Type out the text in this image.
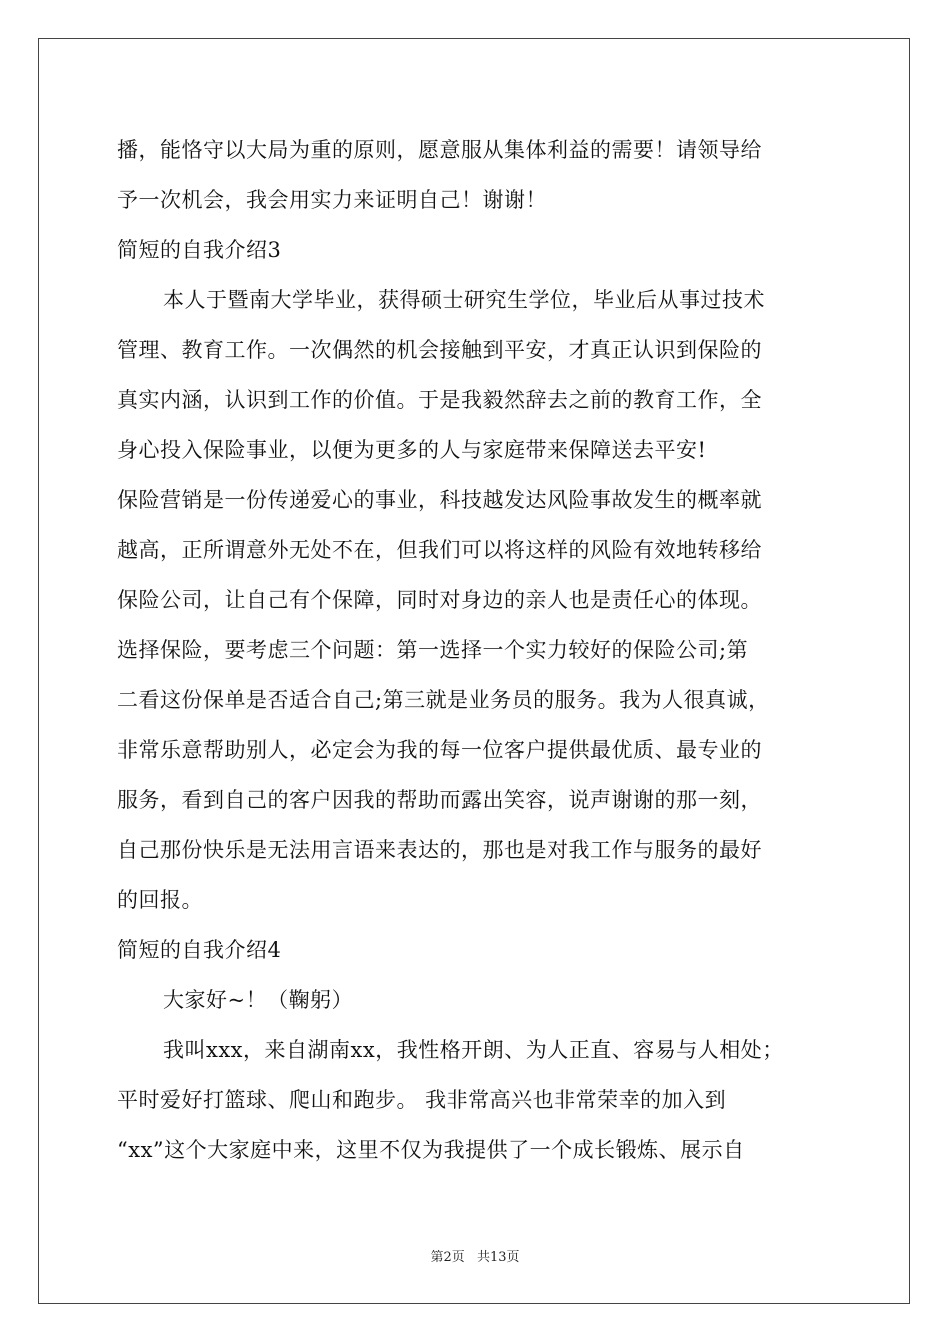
播，能恪守以大局为重的原则，愿意服从集体利益的需要！请领导给
予一次机会，我会用实力来证明自己！谢谢！
简短的自我介绍3
本人于暨南大学毕业，获得硕士研究生学位，毕业后从事过技术
管理、教育工作。一次偶然的机会接触到平安，才真正认识到保险的
真实内涵，认识到工作的价值。于是我毅然辞去之前的教育工作，全
身心投入保险事业，以便为更多的人与家庭带来保障送去平安!
保险营销是一份传递爱心的事业，科技越发达风险事故发生的概率就
越高，正所谓意外无处不在，但我们可以将这样的风险有效地转移给
保险公司，让自己有个保障，同时对身边的亲人也是责任心的体现。
选择保险，要考虑三个问题：第一选择一个实力较好的保险公司;第
二看这份保单是否适合自己;第三就是业务员的服务。我为人很真诚，
非常乐意帮助别人，必定会为我的每一位客户提供最优质、最专业的
服务，看到自己的客户因我的帮助而露出笑容，说声谢谢的那一刻，
自己那份快乐是无法用言语来表达的，那也是对我工作与服务的最好
的回报。
简短的自我介绍4
大家好~！（鞠躬）
我叫xxx，来自湖南xx，我性格开朗、为人正直、容易与人相处；
平时爱好打篮球、爬山和跑步。 我非常高兴也非常荣幸的加入到
“xx”这个大家庭中来，这里不仅为我提供了一个成长锻炼、展示自
第2页 共13页
